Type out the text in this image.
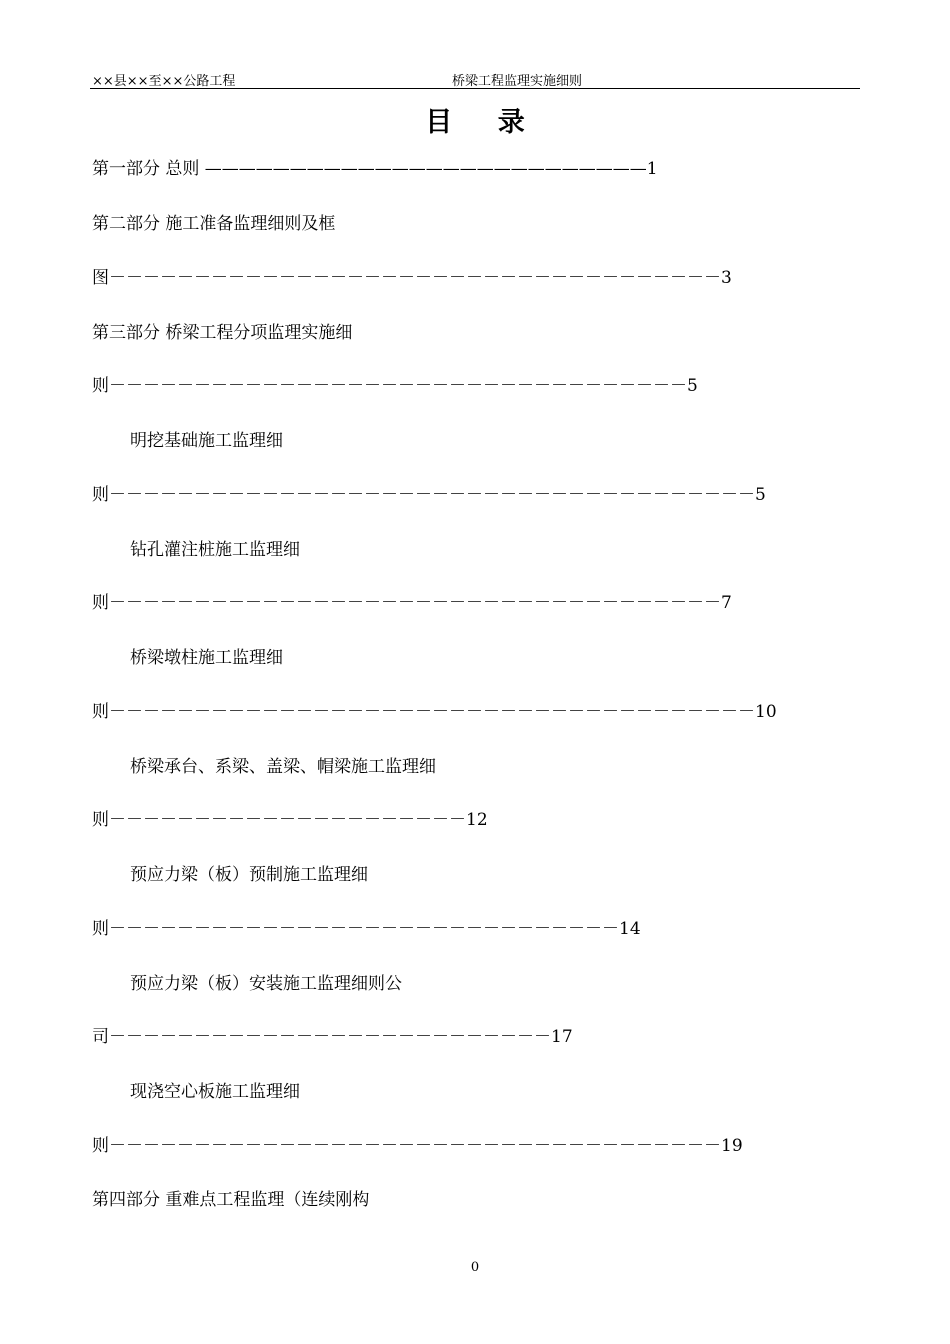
××县××至××公路工程	桥梁工程监理实施细则
目 录
第一部分 总则 ——————————————————————————1
第二部分 施工准备监理细则及框
图－－－－－－－－－－－－－－－－－－－－－－－－－－－－－－－－－－－－3
第三部分 桥梁工程分项监理实施细
则－－－－－－－－－－－－－－－－－－－－－－－－－－－－－－－－－－5
明挖基础施工监理细
则－－－－－－－－－－－－－－－－－－－－－－－－－－－－－－－－－－－－－－5
钻孔灌注桩施工监理细
则－－－－－－－－－－－－－－－－－－－－－－－－－－－－－－－－－－－－7
桥梁墩柱施工监理细
则－－－－－－－－－－－－－－－－－－－－－－－－－－－－－－－－－－－－－－10
桥梁承台、系梁、盖梁、帽梁施工监理细
则－－－－－－－－－－－－－－－－－－－－－12
预应力梁（板）预制施工监理细
则－－－－－－－－－－－－－－－－－－－－－－－－－－－－－－14
预应力梁（板）安装施工监理细则公
司－－－－－－－－－－－－－－－－－－－－－－－－－－17
现浇空心板施工监理细
则－－－－－－－－－－－－－－－－－－－－－－－－－－－－－－－－－－－－19
第四部分 重难点工程监理（连续刚构
0
